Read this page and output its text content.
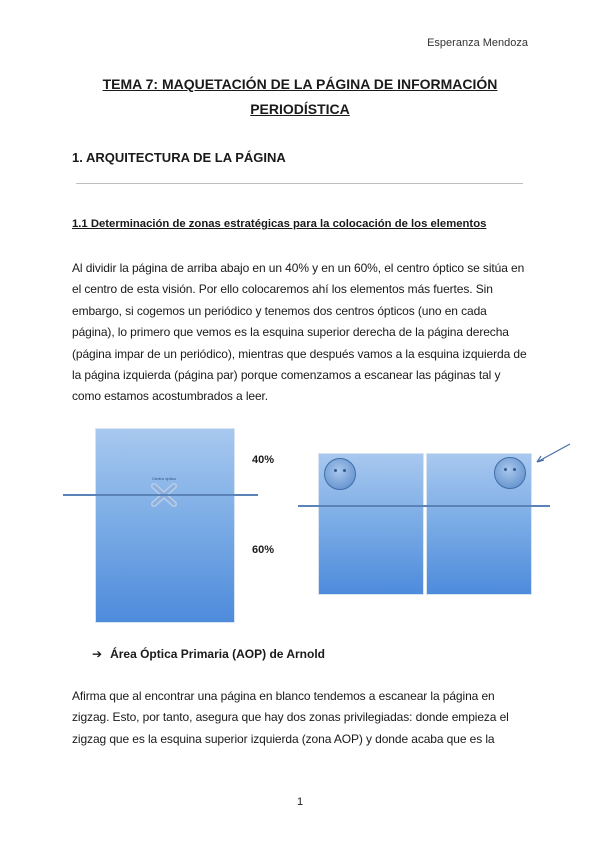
Esperanza Mendoza
TEMA 7: MAQUETACIÓN DE LA PÁGINA DE INFORMACIÓN
PERIODÍSTICA
1. ARQUITECTURA DE LA PÁGINA
1.1 Determinación de zonas estratégicas para la colocación de los elementos
Al dividir la página de arriba abajo en un 40% y en un 60%, el centro óptico se sitúa en el centro de esta visión. Por ello colocaremos ahí los elementos más fuertes. Sin embargo, si cogemos un periódico y tenemos dos centros ópticos (uno en cada página), lo primero que vemos es la esquina superior derecha de la página derecha (página impar de un periódico), mientras que después vamos a la esquina izquierda de la página izquierda (página par) porque comenzamos a escanear las páginas tal y como estamos acostumbrados a leer.
Centro óptico
40%
60%
➔ Área Óptica Primaria (AOP) de Arnold
Afirma que al encontrar una página en blanco tendemos a escanear la página en zigzag. Esto, por tanto, asegura que hay dos zonas privilegiadas: donde empieza el zigzag que es la esquina superior izquierda (zona AOP) y donde acaba que es la
1
